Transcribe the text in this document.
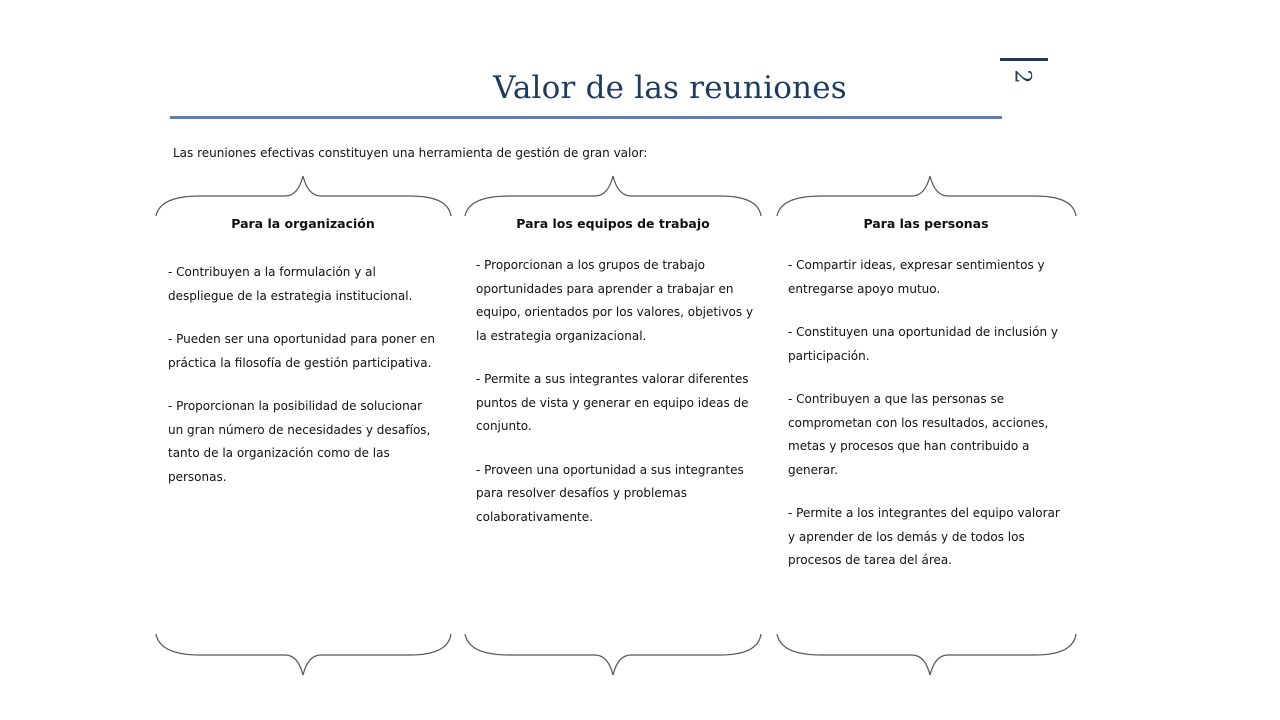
Valor de las reuniones	2
Las reuniones efectivas constituyen una herramienta de gestión de gran valor:
Para la organización	Para los equipos de trabajo	Para las personas

- Contribuyen a la formulación y al despliegue de la estrategia institucional.

- Pueden ser una oportunidad para poner en práctica la filosofía de gestión participativa.

- Proporcionan la posibilidad de solucionar un gran número de necesidades y desafíos, tanto de la organización como de las personas.

- Proporcionan a los grupos de trabajo oportunidades para aprender a trabajar en equipo, orientados por los valores, objetivos y la estrategia organizacional.

- Permite a sus integrantes valorar diferentes puntos de vista y generar en equipo ideas de conjunto.

- Proveen una oportunidad a sus integrantes para resolver desafíos y problemas colaborativamente.

- Compartir ideas, expresar sentimientos y entregarse apoyo mutuo.

- Constituyen una oportunidad de inclusión y participación.

- Contribuyen a que las personas se comprometan con los resultados, acciones, metas y procesos que han contribuido a generar.

- Permite a los integrantes del equipo valorar y aprender de los demás y de todos los procesos de tarea del área.
